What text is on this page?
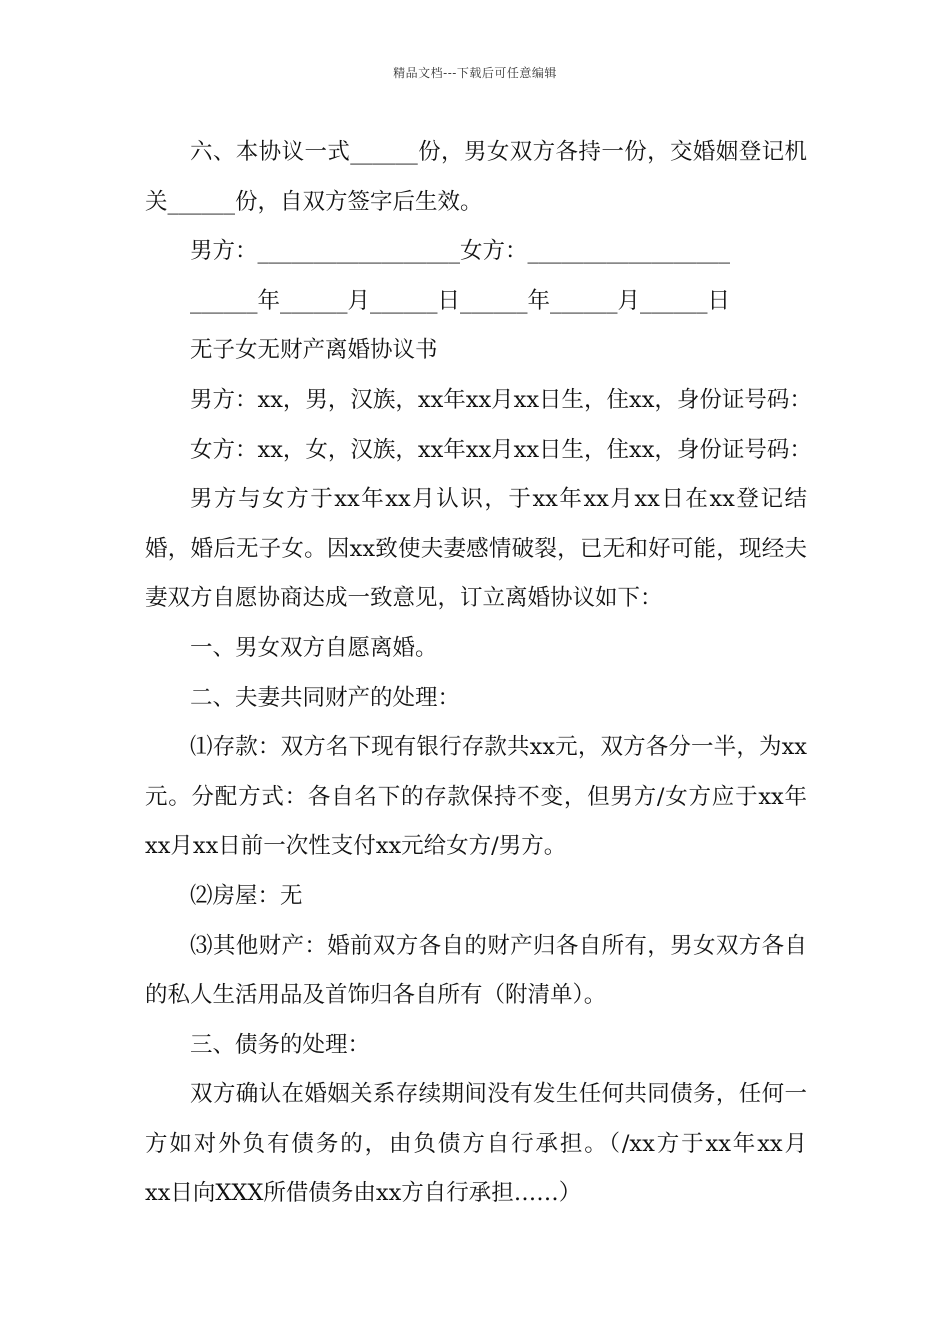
精品文档---下载后可任意编辑
六、本协议一式______份，男女双方各持一份，交婚姻登记机
关______份，自双方签字后生效。
男方：__________________女方：__________________
______年______月______日______年______月______日
无子女无财产离婚协议书
男方：xx，男，汉族，xx年xx月xx日生，住xx，身份证号码：
女方：xx，女，汉族，xx年xx月xx日生，住xx，身份证号码：
男方与女方于xx年xx月认识，于xx年xx月xx日在xx登记结
婚，婚后无子女。因xx致使夫妻感情破裂，已无和好可能，现经夫
妻双方自愿协商达成一致意见，订立离婚协议如下：
一、男女双方自愿离婚。
二、夫妻共同财产的处理：
⑴存款：双方名下现有银行存款共xx元，双方各分一半，为xx
元。分配方式：各自名下的存款保持不变，但男方/女方应于xx年
xx月xx日前一次性支付xx元给女方/男方。
⑵房屋：无
⑶其他财产：婚前双方各自的财产归各自所有，男女双方各自
的私人生活用品及首饰归各自所有（附清单）。
三、债务的处理：
双方确认在婚姻关系存续期间没有发生任何共同债务，任何一
方如对外负有债务的，由负债方自行承担。（/xx方于xx年xx月
xx日向XXX所借债务由xx方自行承担……）
